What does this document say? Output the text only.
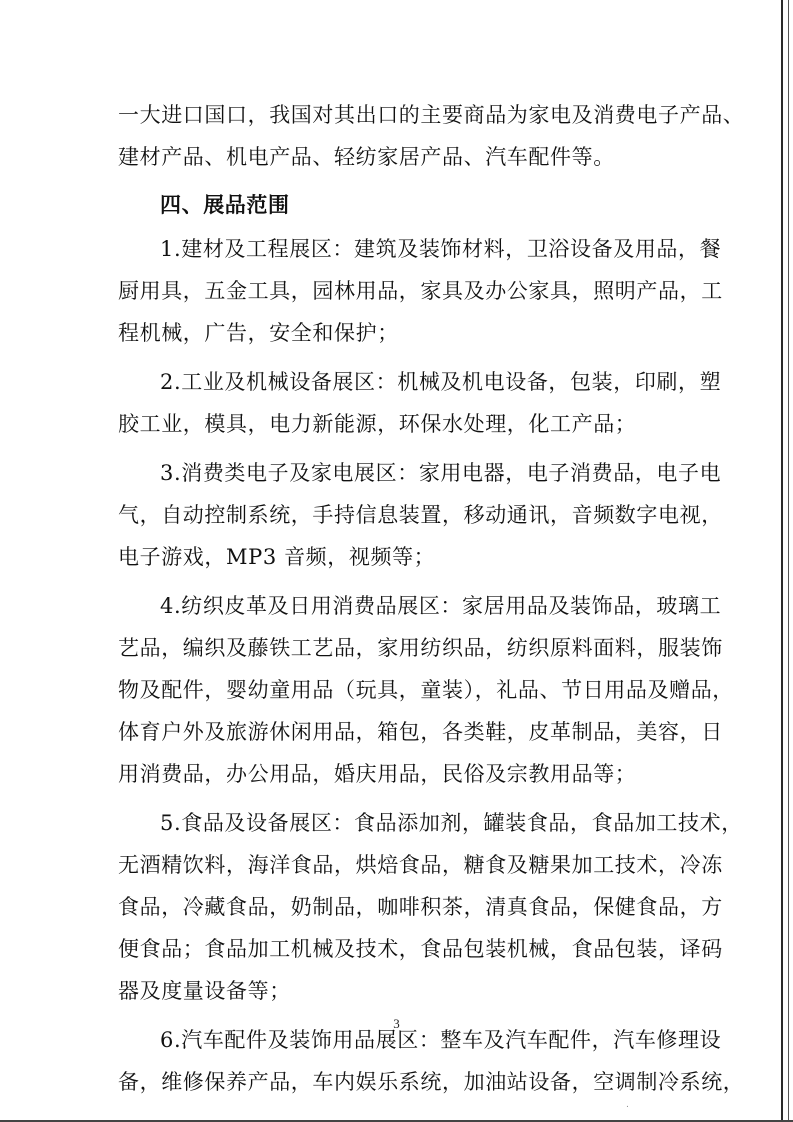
一大进口国口，我国对其出口的主要商品为家电及消费电子产品、
建材产品、机电产品、轻纺家居产品、汽车配件等。
四、展品范围
1.建材及工程展区：建筑及装饰材料，卫浴设备及用品，餐
厨用具，五金工具，园林用品，家具及办公家具，照明产品，工
程机械，广告，安全和保护；
2.工业及机械设备展区：机械及机电设备，包装，印刷，塑
胶工业，模具，电力新能源，环保水处理，化工产品；
3.消费类电子及家电展区：家用电器，电子消费品，电子电
气，自动控制系统，手持信息装置，移动通讯，音频数字电视，
电子游戏，MP3 音频，视频等；
4.纺织皮革及日用消费品展区：家居用品及装饰品，玻璃工
艺品，编织及藤铁工艺品，家用纺织品，纺织原料面料，服装饰
物及配件，婴幼童用品（玩具，童装），礼品、节日用品及赠品，
体育户外及旅游休闲用品，箱包，各类鞋，皮革制品，美容，日
用消费品，办公用品，婚庆用品，民俗及宗教用品等；
5.食品及设备展区：食品添加剂，罐装食品，食品加工技术，
无酒精饮料，海洋食品，烘焙食品，糖食及糖果加工技术，冷冻
食品，冷藏食品，奶制品，咖啡积茶，清真食品，保健食品，方
便食品；食品加工机械及技术，食品包装机械，食品包装，译码
器及度量设备等；
6.汽车配件及装饰用品展区：整车及汽车配件，汽车修理设
备，维修保养产品，车内娱乐系统，加油站设备，空调制冷系统，
3
.
